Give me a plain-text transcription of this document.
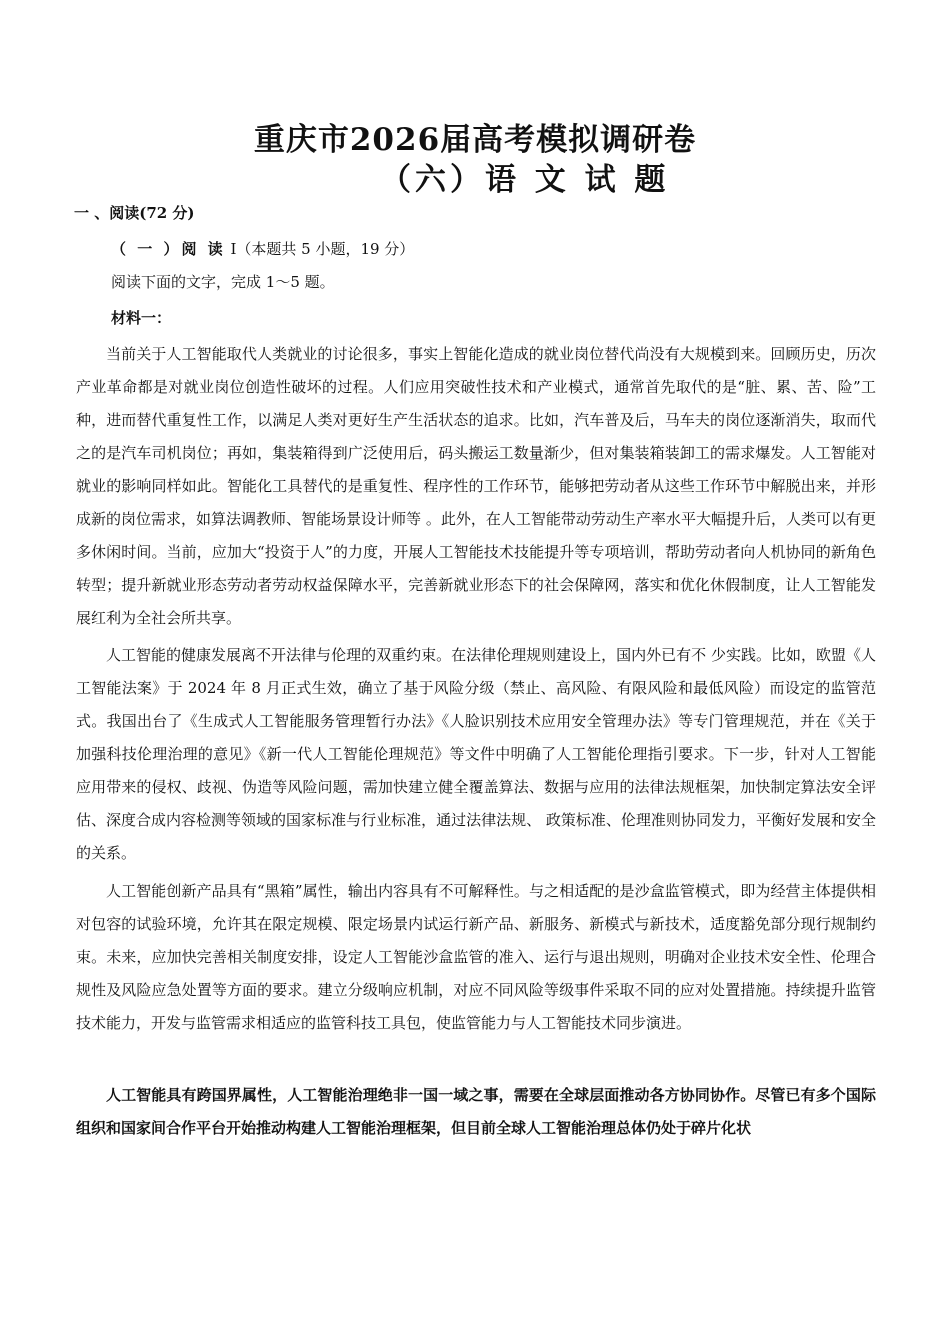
重庆市2026届高考模拟调研卷
（六）语 文 试 题
一 、阅读(72 分)
（ 一 ）阅 读 I（本题共 5 小题，19 分）
阅读下面的文字，完成 1～5 题。
材料一：

当前关于人工智能取代人类就业的讨论很多，事实上智能化造成的就业岗位替代尚没有大规模到来。回顾历史，历次产业革命都是对就业岗位创造性破坏的过程。人们应用突破性技术和产业模式，通常首先取代的是“脏、累、苦、险”工种，进而替代重复性工作，以满足人类对更好生产生活状态的追求。比如，汽车普及后，马车夫的岗位逐渐消失，取而代之的是汽车司机岗位；再如，集装箱得到广泛使用后，码头搬运工数量渐少，但对集装箱装卸工的需求爆发。人工智能对就业的影响同样如此。智能化工具替代的是重复性、程序性的工作环节，能够把劳动者从这些工作环节中解脱出来，并形成新的岗位需求，如算法调教师、智能场景设计师等 。此外，在人工智能带动劳动生产率水平大幅提升后，人类可以有更多休闲时间。当前，应加大“投资于人”的力度，开展人工智能技术技能提升等专项培训，帮助劳动者向人机协同的新角色转型；提升新就业形态劳动者劳动权益保障水平，完善新就业形态下的社会保障网，落实和优化休假制度，让人工智能发展红利为全社会所共享。

人工智能的健康发展离不开法律与伦理的双重约束。在法律伦理规则建设上，国内外已有不 少实践。比如，欧盟《人工智能法案》于 2024 年 8 月正式生效，确立了基于风险分级（禁止、高风险、有限风险和最低风险）而设定的监管范式。我国出台了《生成式人工智能服务管理暂行办法》《人脸识别技术应用安全管理办法》等专门管理规范，并在《关于加强科技伦理治理的意见》《新一代人工智能伦理规范》等文件中明确了人工智能伦理指引要求。下一步，针对人工智能应用带来的侵权、歧视、伪造等风险问题，需加快建立健全覆盖算法、数据与应用的法律法规框架，加快制定算法安全评估、深度合成内容检测等领域的国家标准与行业标准，通过法律法规、 政策标准、伦理准则协同发力，平衡好发展和安全的关系。

人工智能创新产品具有“黑箱”属性，输出内容具有不可解释性。与之相适配的是沙盒监管模式，即为经营主体提供相对包容的试验环境，允许其在限定规模、限定场景内试运行新产品、新服务、新模式与新技术，适度豁免部分现行规制约束。未来，应加快完善相关制度安排，设定人工智能沙盒监管的准入、运行与退出规则，明确对企业技术安全性、伦理合规性及风险应急处置等方面的要求。建立分级响应机制，对应不同风险等级事件采取不同的应对处置措施。持续提升监管技术能力，开发与监管需求相适应的监管科技工具包，使监管能力与人工智能技术同步演进。

人工智能具有跨国界属性，人工智能治理绝非一国一域之事，需要在全球层面推动各方协同协作。尽管已有多个国际组织和国家间合作平台开始推动构建人工智能治理框架，但目前全球人工智能治理总体仍处于碎片化状
